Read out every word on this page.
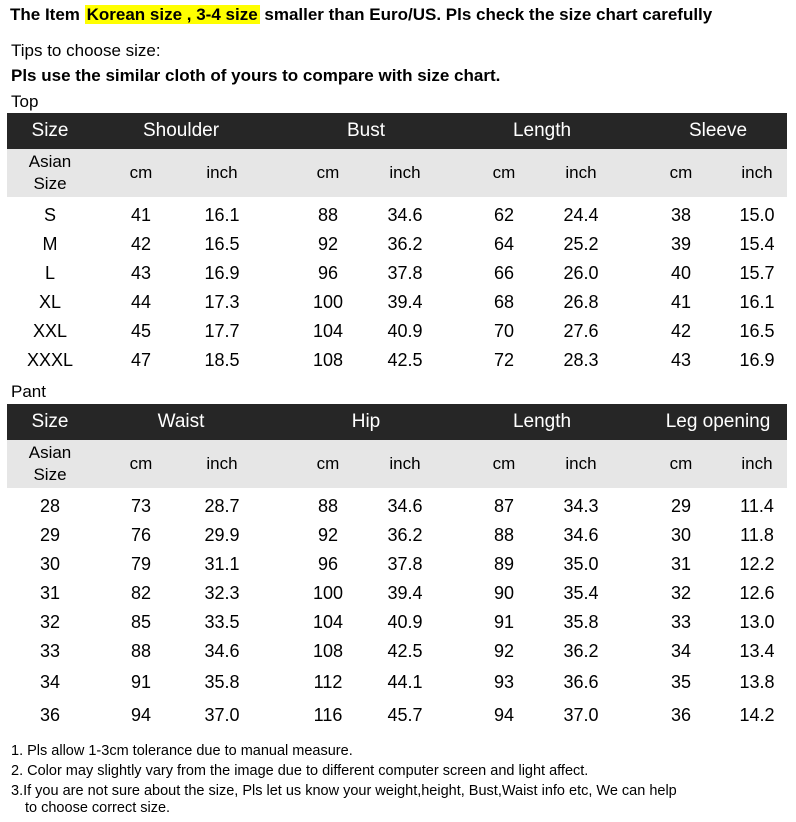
The Item Korean size , 3-4 size smaller than Euro/US. Pls check the size chart carefully
Tips to choose size:
Pls use the similar cloth of yours to compare with size chart.
Top
Size	Shoulder	Bust	Length	Sleeve
Asian
Size
cm	inch	cm	inch	cm	inch	cm	inch
S	41	16.1	88	34.6	62	24.4	38	15.0
M	42	16.5	92	36.2	64	25.2	39	15.4
L	43	16.9	96	37.8	66	26.0	40	15.7
XL	44	17.3	100 39.4	68	26.8	41	16.1
XXL	45	17.7	104 40.9	70	27.6	42	16.5
XXXL	47	18.5	108 42.5	72	28.3	43	16.9
Pant
Size	Waist	Hip	Length	Leg opening
Asian
Size
cm	inch	cm	inch	cm	inch	cm	inch
28	73	28.7	88	34.6	87	34.3	29	11.4
29	76	29.9	92	36.2	88	34.6	30	11.8
30	79	31.1	96	37.8	89	35.0	31	12.2
31	82	32.3	100 39.4	90	35.4	32	12.6
32	85	33.5	104 40.9	91	35.8	33	13.0
33	88	34.6	108 42.5	92	36.2	34	13.4
34	91	35.8	112	44.1	93	36.6	35	13.8
36	94	37.0	116	45.7	94	37.0	36	14.2
1. Pls allow 1-3cm tolerance due to manual measure.
2. Color may slightly vary from the image due to different computer screen and light affect.
3.If you are not sure about the size, Pls let us know your weight,height, Bust,Waist info etc, We can help
to choose correct size.
